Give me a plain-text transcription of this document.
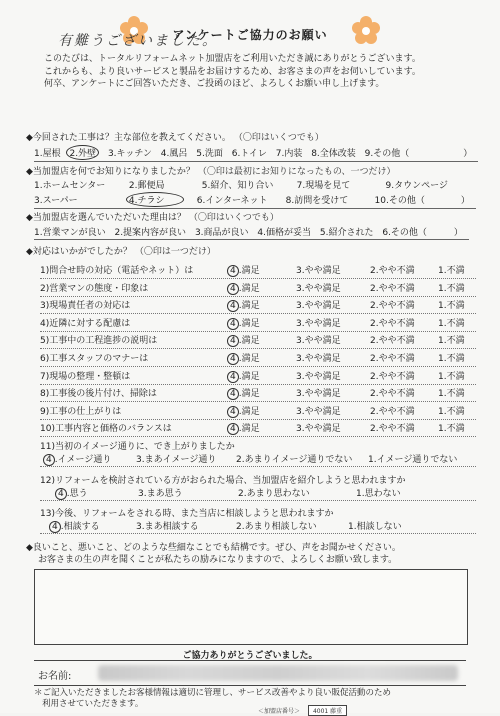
アンケートご協力のお願い
このたびは、トータルリフォームネット加盟店をご利用いただき誠にありがとうございます。
これからも、より良いサービスと製品をお届けするため、お客さまの声をお伺いしています。
何卒、アンケートにご回答いただき、ご投函のほど、よろしくお願い申し上げます。
◆今回された工事は？主な部位を教えてください。 （〇印はいくつでも）
1.屋根 2.外壁 3.キッチン 4.風呂 5.洗面 6.トイレ 7.内装 8.全体改装 9.その他（　　　　　　）
◆当加盟店を何でお知りになりましたか？ （〇印は最初にお知りになったもの、一つだけ）
1.ホームセンター	2.郵便局	5.紹介、知り合い	7.現場を見て	9.タウンページ
3.スーパー	4.チラシ	6.インターネット 8.訪問を受けて	10.その他（　　　　）
◆当加盟店を選んでいただいた理由は？ （〇印はいくつでも）
1.営業マンが良い 2.提案内容が良い 3.商品が良い 4.価格が妥当 5.紹介された 6.その他（　　　）
◆対応はいかがでしたか？ （〇印は一つだけ）
1)問合せ時の対応（電話やネット）は	4 .満足	3.やや満足	2.やや不満	1.不満
2)営業マンの態度・印象は	4 .満足	3.やや満足	2.やや不満	1.不満
3)現場責任者の対応は	4 .満足	3.やや満足	2.やや不満	1.不満
4)近隣に対する配慮は	4 .満足	3.やや満足	2.やや不満	1.不満
5)工事中の工程進捗の説明は	4 .満足	3.やや満足	2.やや不満	1.不満
6)工事スタッフのマナーは	4 .満足	3.やや満足	2.やや不満	1.不満
7)現場の整理・整頓は	4 .満足	3.やや満足	2.やや不満	1.不満
8)工事後の後片付け、掃除は	4 .満足	3.やや満足	2.やや不満	1.不満
9)工事の仕上がりは	4 .満足	3.やや満足	2.やや不満	1.不満
10)工事内容と価格のバランスは	4 .満足	3.やや満足	2.やや不満	1.不満
11)当初のイメージ通りに、でき上がりましたか
4 .イメージ通り	3.まあイメージ通り 2.あまりイメージ通りでない 1.イメージ通りでない
12)リフォームを検討されている方がおられた場合、当加盟店を紹介しようと思われますか
4 .思う	3.まあ思う	2.あまり思わない	1.思わない
13)今後、リフォームをされる時、また当店に相談しようと思われますか
4 .相談する	3.まあ相談する	2.あまり相談しない	1.相談しない
◆良いこと、悪いこと、どのような些細なことでも結構です。ぜひ、声をお聞かせください。
お客さまの生の声を聞くことが私たちの励みになりますので、よろしくお願い致します。
有難うございました。
ご協力ありがとうございました。
お名前:
＊ご記入いただきましたお客様情報は適切に管理し、サービス改善やより良い販促活動のため
利用させていただきます。
＜加盟店番号＞ 4001 藤重
